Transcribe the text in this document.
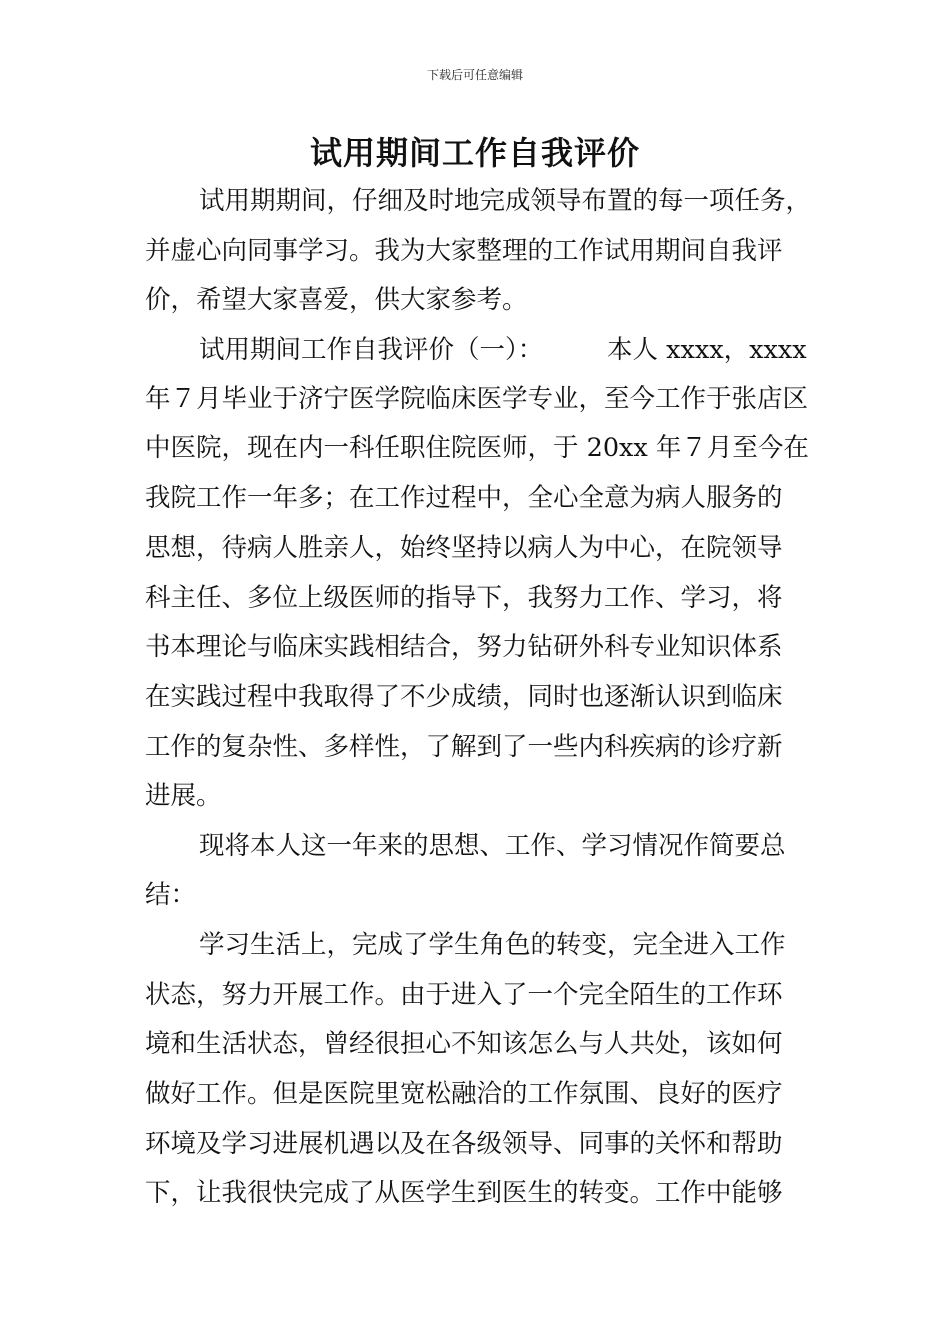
下载后可任意编辑
试用期间工作自我评价
试用期期间，仔细及时地完成领导布置的每一项任务，
并虚心向同事学习。我为大家整理的工作试用期间自我评
价，希望大家喜爱，供大家参考。
试用期间工作自我评价（一）：　　　本人 xxxx，xxxx
年７月毕业于济宁医学院临床医学专业，至今工作于张店区
中医院，现在内一科任职住院医师，于 20xx 年７月至今在
我院工作一年多；在工作过程中，全心全意为病人服务的
思想，待病人胜亲人，始终坚持以病人为中心，在院领导
科主任、多位上级医师的指导下，我努力工作、学习，将
书本理论与临床实践相结合，努力钻研外科专业知识体系
在实践过程中我取得了不少成绩，同时也逐渐认识到临床
工作的复杂性、多样性，了解到了一些内科疾病的诊疗新
进展。
现将本人这一年来的思想、工作、学习情况作简要总
结：
学习生活上，完成了学生角色的转变，完全进入工作
状态，努力开展工作。由于进入了一个完全陌生的工作环
境和生活状态，曾经很担心不知该怎么与人共处，该如何
做好工作。但是医院里宽松融洽的工作氛围、良好的医疗
环境及学习进展机遇以及在各级领导、同事的关怀和帮助
下，让我很快完成了从医学生到医生的转变。工作中能够
